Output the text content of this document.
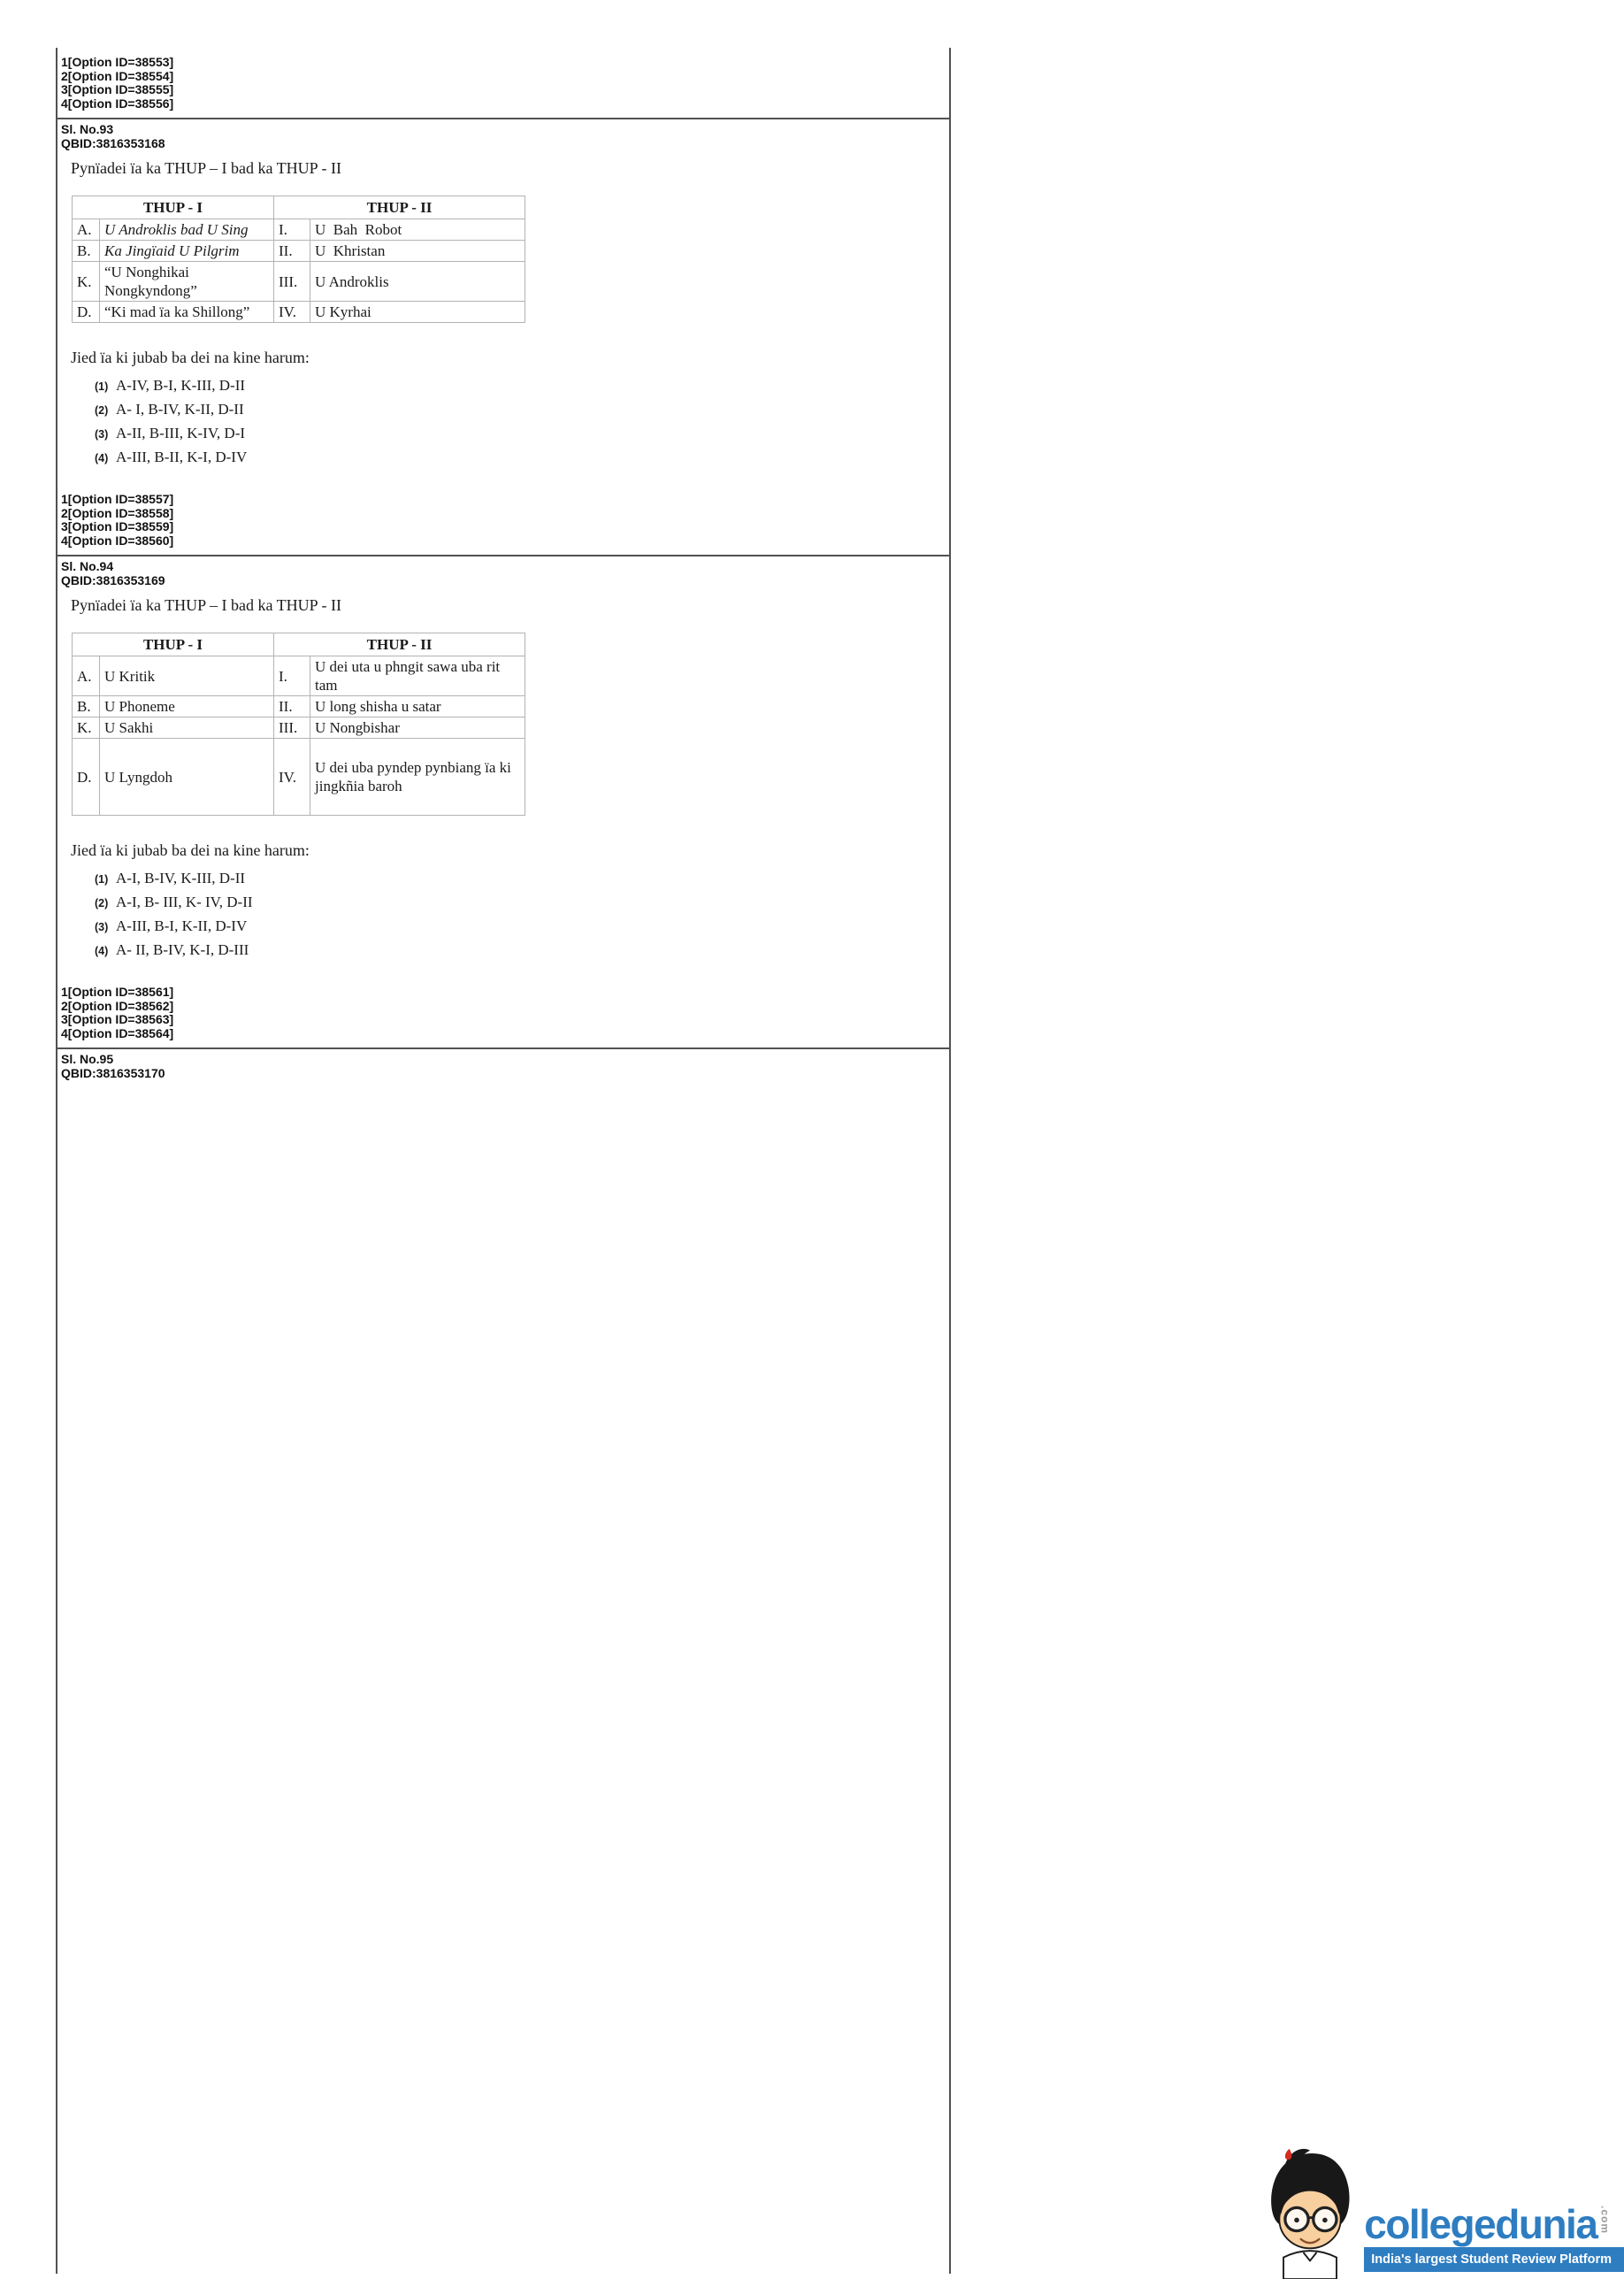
1[Option ID=38553]
2[Option ID=38554]
3[Option ID=38555]
4[Option ID=38556]
Sl. No.93
QBID:3816353168
Pynïadei ïa ka THUP – I bad ka THUP - II
THUP - I		THUP - II	
A.	U Androklis bad U Sing	I.	U  Bah  Robot
B.	Ka Jingïaid U Pilgrim	II.	U  Khristan
K.	“U Nonghikai Nongkyndong”	III.	U Androklis
D.	“Ki mad ïa ka Shillong”	IV.	U Kyrhai
Jied ïa ki jubab ba dei na kine harum:
(1) A-IV, B-I, K-III, D-II
(2) A- I, B-IV, K-II, D-II
(3) A-II, B-III, K-IV, D-I
(4) A-III, B-II, K-I, D-IV
1[Option ID=38557]
2[Option ID=38558]
3[Option ID=38559]
4[Option ID=38560]
Sl. No.94
QBID:3816353169
Pynïadei ïa ka THUP – I bad ka THUP - II
THUP - I		THUP - II	
A.	U Kritik	I.	U dei uta u phngit sawa uba rit tam
B.	U Phoneme	II.	U long shisha u satar
K.	U Sakhi	III.	U Nongbishar
D.	U Lyngdoh	IV.	U dei uba pyndep pynbiang ïa ki jingkñia baroh
Jied ïa ki jubab ba dei na kine harum:
(1) A-I, B-IV, K-III, D-II
(2) A-I, B- III, K- IV, D-II
(3) A-III, B-I, K-II, D-IV
(4) A- II, B-IV, K-I, D-III
1[Option ID=38561]
2[Option ID=38562]
3[Option ID=38563]
4[Option ID=38564]
Sl. No.95
QBID:3816353170
collegedunia .com
India's largest Student Review Platform
